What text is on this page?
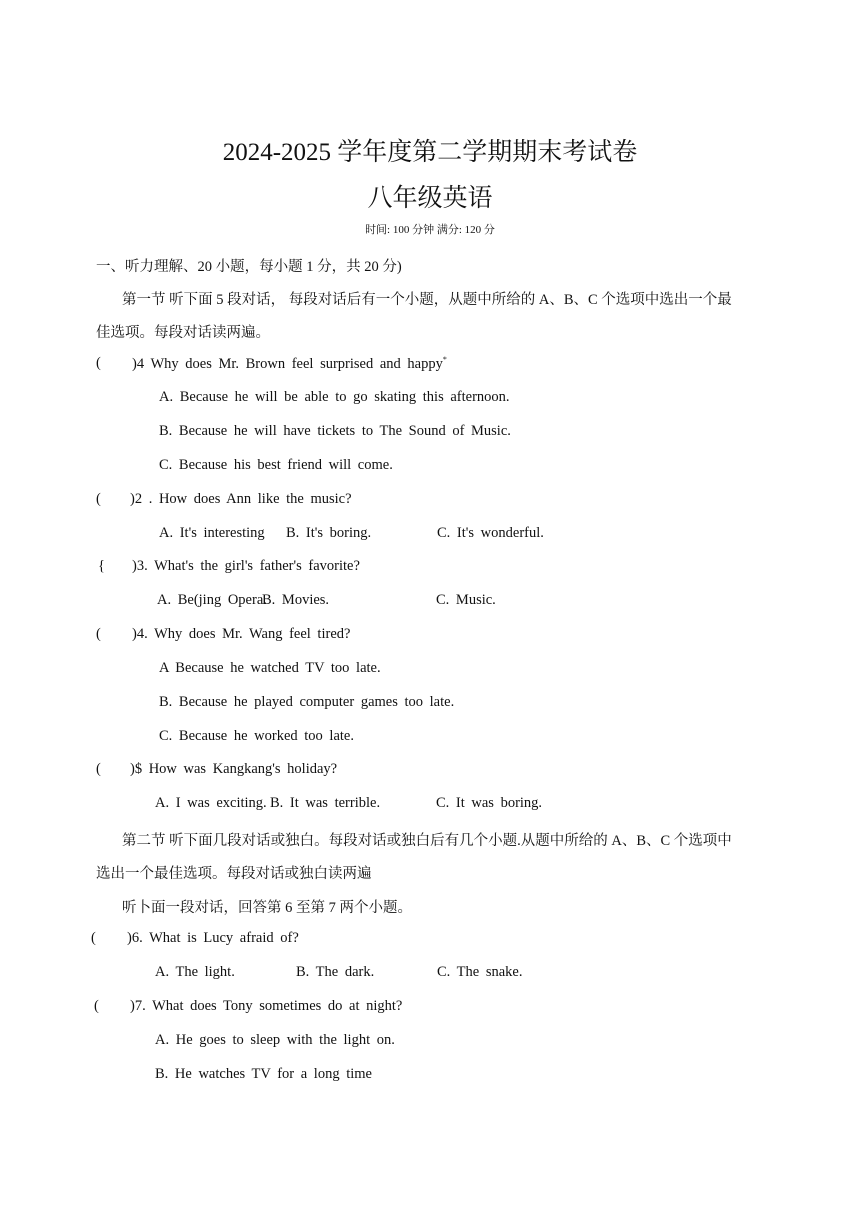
2024-2025 学年度第二学期期末考试卷
八年级英语
时间: 100 分钟 满分: 120 分
一、听力理解、20 小题，每小题 1 分，共 20 分)
第一节 听下面 5 段对话， 每段对话后有一个小题，从题中所给的 A、B、C 个选项中选出一个最
佳选项。每段对话读两遍。
( )4 Why does Mr. Brown feel surprised and happy*
A. Because he will be able to go skating this afternoon.
B. Because he will have tickets to The Sound of Music.
C. Because his best friend will come.
( )2 . How does Ann like the music?
A. It's interesting B. It's boring.	C. It's wonderful.
{ )3. What's the girl's father's favorite?
A. Be(jing Opera.
B. Movies.	C. Music.
( )4. Why does Mr. Wang feel tired?
A Because he watched TV too late.
B. Because he played computer games too late.
C. Because he worked too late.
( )$ How was Kangkang's holiday?
A. I was exciting. B. It was terrible.	C. It was boring.
第二节 听下面几段对话或独白。每段对话或独白后有几个小题.从题中所给的 A、B、C 个选项中
选出一个最佳选项。每段对话或独白读两遍
听卜面一段对话，回答第 6 至第 7 两个小题。
( )6. What is Lucy afraid of?
A. The light.	B. The dark.	C. The snake.
( )7. What does Tony sometimes do at night?
A. He goes to sleep with the light on.
B. He watches TV for a long time
